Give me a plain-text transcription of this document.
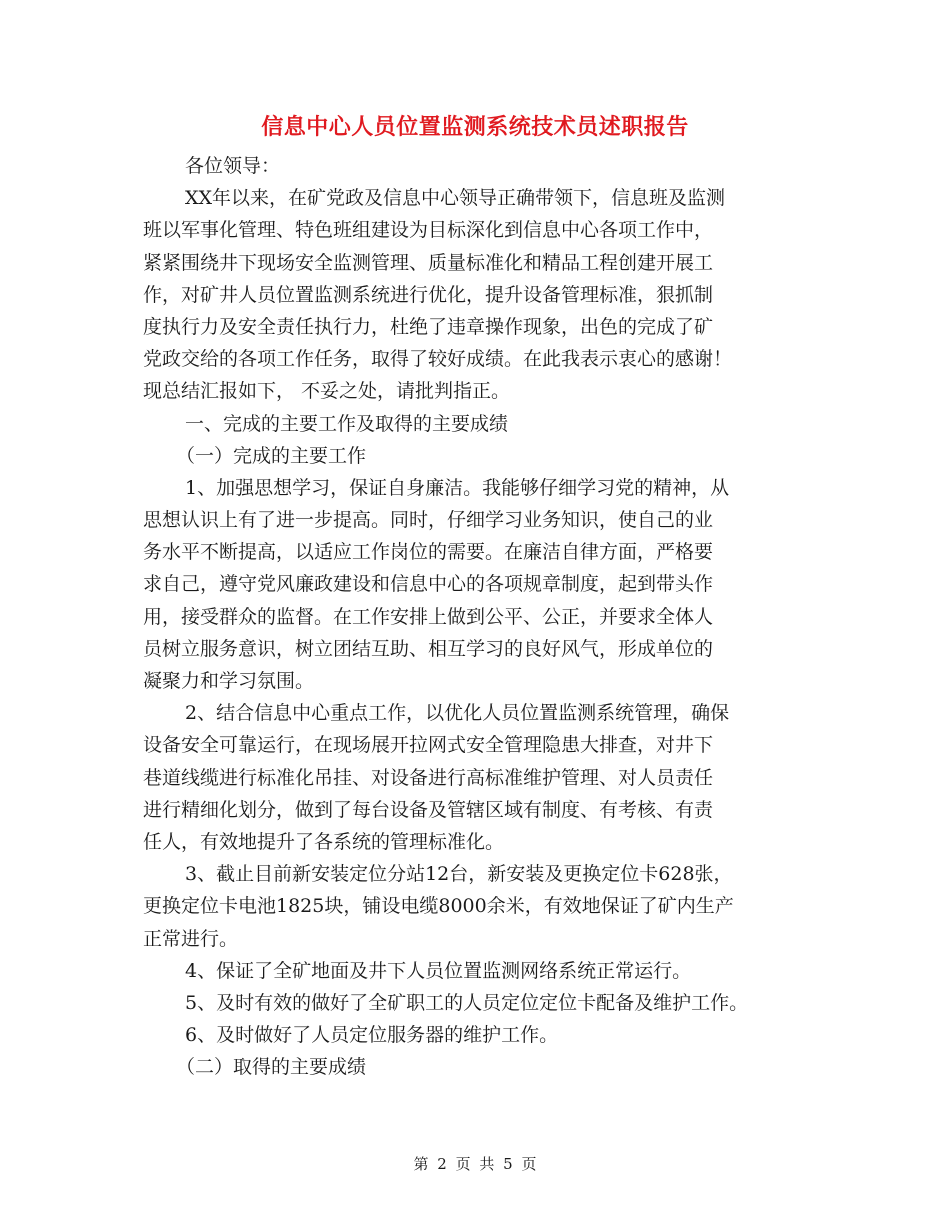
信息中心人员位置监测系统技术员述职报告
各位领导：
XX年以来，在矿党政及信息中心领导正确带领下，信息班及监测
班以军事化管理、特色班组建设为目标深化到信息中心各项工作中，
紧紧围绕井下现场安全监测管理、质量标准化和精品工程创建开展工
作，对矿井人员位置监测系统进行优化，提升设备管理标准，狠抓制
度执行力及安全责任执行力，杜绝了违章操作现象，出色的完成了矿
党政交给的各项工作任务，取得了较好成绩。在此我表示衷心的感谢！
现总结汇报如下， 不妥之处，请批判指正。
一、完成的主要工作及取得的主要成绩
（一）完成的主要工作
1、加强思想学习，保证自身廉洁。我能够仔细学习党的精神，从
思想认识上有了进一步提高。同时，仔细学习业务知识，使自己的业
务水平不断提高，以适应工作岗位的需要。在廉洁自律方面，严格要
求自己，遵守党风廉政建设和信息中心的各项规章制度，起到带头作
用，接受群众的监督。在工作安排上做到公平、公正，并要求全体人
员树立服务意识，树立团结互助、相互学习的良好风气，形成单位的
凝聚力和学习氛围。
2、结合信息中心重点工作，以优化人员位置监测系统管理，确保
设备安全可靠运行，在现场展开拉网式安全管理隐患大排查，对井下
巷道线缆进行标准化吊挂、对设备进行高标准维护管理、对人员责任
进行精细化划分，做到了每台设备及管辖区域有制度、有考核、有责
任人，有效地提升了各系统的管理标准化。
3、截止目前新安装定位分站12台，新安装及更换定位卡628张，
更换定位卡电池1825块，铺设电缆8000余米，有效地保证了矿内生产
正常进行。
4、保证了全矿地面及井下人员位置监测网络系统正常运行。
5、及时有效的做好了全矿职工的人员定位定位卡配备及维护工作。
6、及时做好了人员定位服务器的维护工作。
（二）取得的主要成绩
第 2 页 共 5 页
